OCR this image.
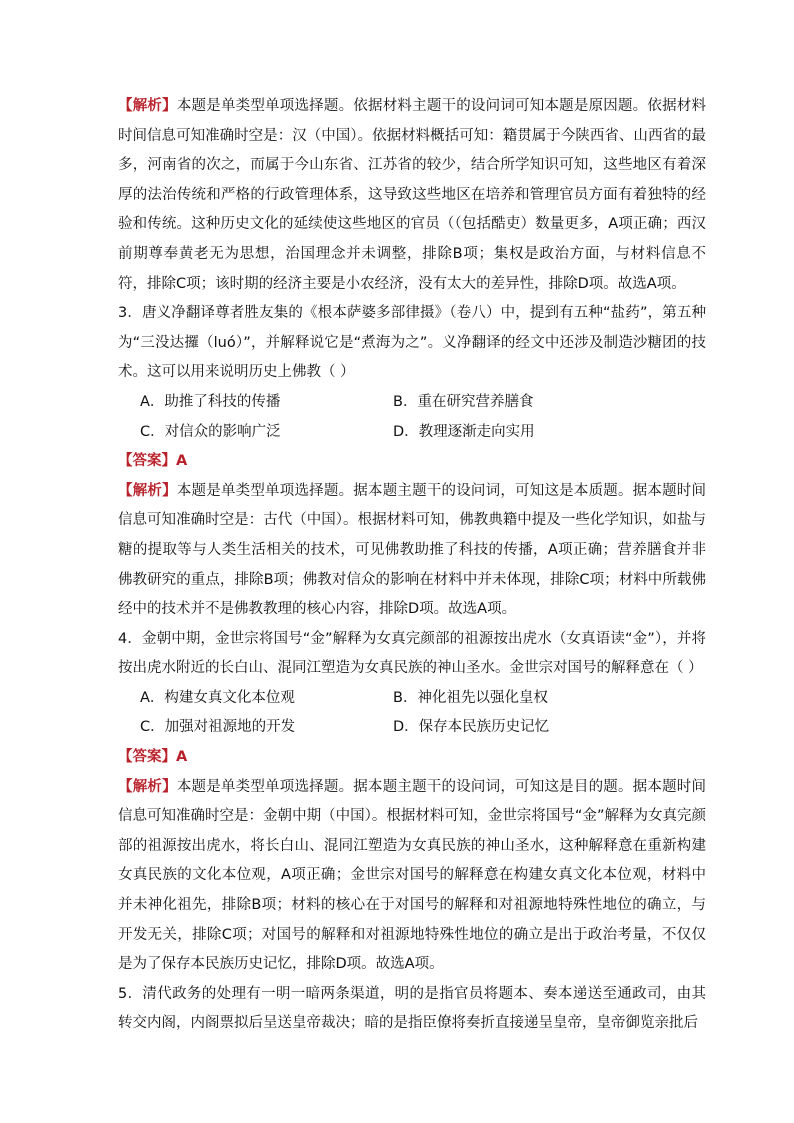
【解析】本题是单类型单项选择题。依据材料主题干的设问词可知本题是原因题。依据材料时间信息可知准确时空是：汉（中国）。依据材料概括可知：籍贯属于今陕西省、山西省的最多，河南省的次之，而属于今山东省、江苏省的较少，结合所学知识可知，这些地区有着深厚的法治传统和严格的行政管理体系，这导致这些地区在培养和管理官员方面有着独特的经验和传统。这种历史文化的延续使这些地区的官员（（包括酷吏）数量更多，A项正确；西汉前期尊奉黄老无为思想，治国理念并未调整，排除B项；集权是政治方面，与材料信息不符，排除C项；该时期的经济主要是小农经济，没有太大的差异性，排除D项。故选A项。

3．唐义净翻译尊者胜友集的《根本萨婆多部律摄》（卷八）中，提到有五种“盐药”，第五种为“三没达攞（luó）”，并解释说它是“煮海为之”。义净翻译的经文中还涉及制造沙糖团的技术。这可以用来说明历史上佛教（ ）

A．助推了科技的传播	B．重在研究营养膳食
C．对信众的影响广泛	D．教理逐渐走向实用

【答案】A

【解析】本题是单类型单项选择题。据本题主题干的设问词，可知这是本质题。据本题时间信息可知准确时空是：古代（中国）。根据材料可知，佛教典籍中提及一些化学知识，如盐与糖的提取等与人类生活相关的技术，可见佛教助推了科技的传播，A项正确；营养膳食并非佛教研究的重点，排除B项；佛教对信众的影响在材料中并未体现，排除C项；材料中所载佛经中的技术并不是佛教教理的核心内容，排除D项。故选A项。

4．金朝中期，金世宗将国号“金”解释为女真完颜部的祖源按出虎水（女真语读“金”），并将按出虎水附近的长白山、混同江塑造为女真民族的神山圣水。金世宗对国号的解释意在（ ）

A．构建女真文化本位观	B．神化祖先以强化皇权
C．加强对祖源地的开发	D．保存本民族历史记忆

【答案】A

【解析】本题是单类型单项选择题。据本题主题干的设问词，可知这是目的题。据本题时间信息可知准确时空是：金朝中期（中国）。根据材料可知，金世宗将国号“金”解释为女真完颜部的祖源按出虎水，将长白山、混同江塑造为女真民族的神山圣水，这种解释意在重新构建女真民族的文化本位观，A项正确；金世宗对国号的解释意在构建女真文化本位观，材料中并未神化祖先，排除B项；材料的核心在于对国号的解释和对祖源地特殊性地位的确立，与开发无关，排除C项；对国号的解释和对祖源地特殊性地位的确立是出于政治考量，不仅仅是为了保存本民族历史记忆，排除D项。故选A项。

5．清代政务的处理有一明一暗两条渠道，明的是指官员将题本、奏本递送至通政司，由其转交内阁，内阁票拟后呈送皇帝裁决；暗的是指臣僚将奏折直接递呈皇帝，皇帝御览亲批后
